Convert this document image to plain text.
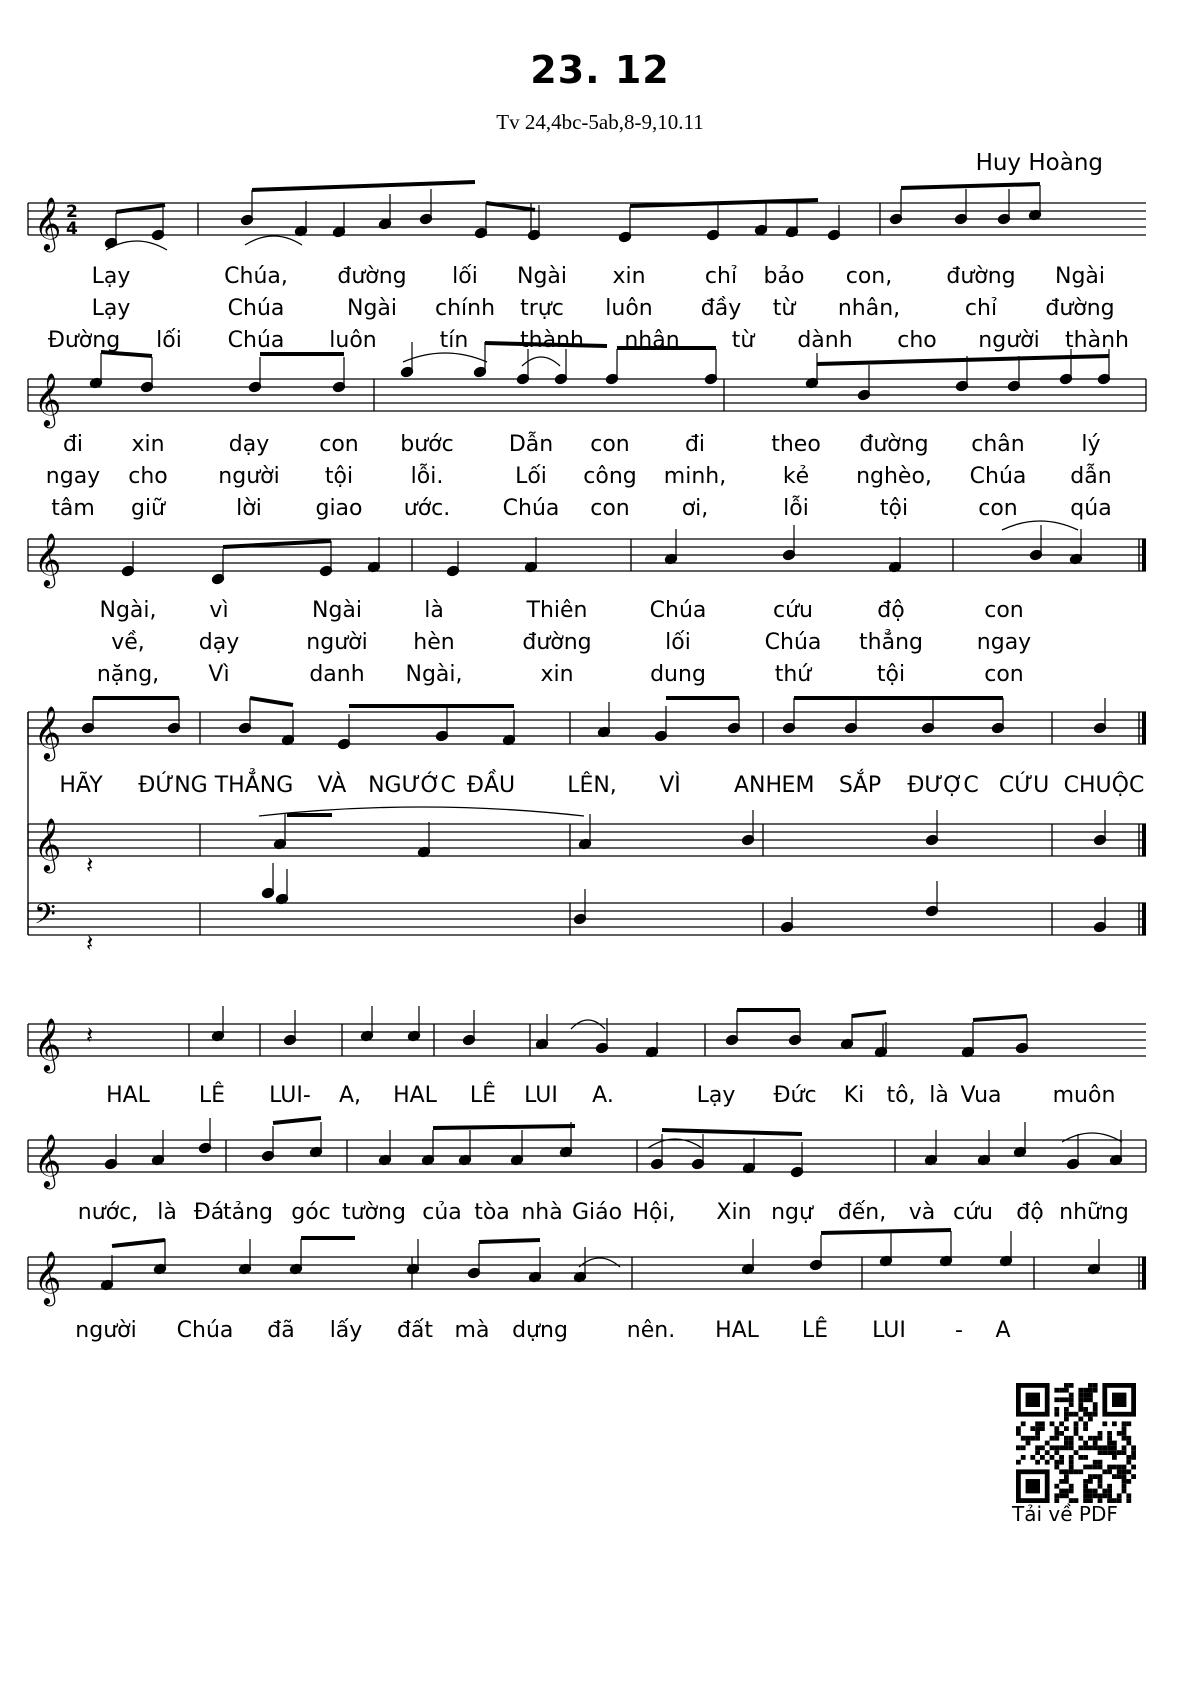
23. 12
Tv 24,4bc-5ab,8-9,10.11
Huy Hoàng
𝄞
𝄞
𝄞
𝄞
𝄞
𝄞
𝄞
𝄞
𝄢
2
4
𝄽
𝄽
𝄽
Lạy	Chúa, đường lối Ngài xin	chỉ bảo con, đường Ngài
Lạy	Chúa	Ngài chính trực luôn đầy từ nhân,	chỉ đường
Đường lối Chúa luôn	tín thành nhân từ dành cho người thành
đi xin	dạy con bước	Dẫn con	đi	theo đường chân	lý
ngay cho người tội	lỗi.	Lối công minh,	kẻ nghèo, Chúa dẫn
tâm giữ	lời giao ước. Chúa con ơi,	lỗi	tội	con qúa
Ngài, vì	Ngài	là	Thiên	Chúa	cứu	độ	con
về, dạy	người hèn	đường	lối	Chúa thẳng ngay
nặng, Vì	danh Ngài,	xin	dung	thứ	tội	con
HÃY ĐỨNG THẲNG VÀ NGƯỚC ĐẦU LÊN, VÌ ANH EM SẮP ĐƯỢC CỨU CHUỘC
HAL LÊ LUI- A, HAL LÊ LUI A.	Lạy Đức Ki tô, là Vua muôn
nước, là Đá
tảng góc tường của tòa nhà Giáo Hội, Xin ngự đến, và cứu độ những
người Chúa đã lấy đất mà dựng	nên. HAL LÊ LUI - A
Tải về PDF
